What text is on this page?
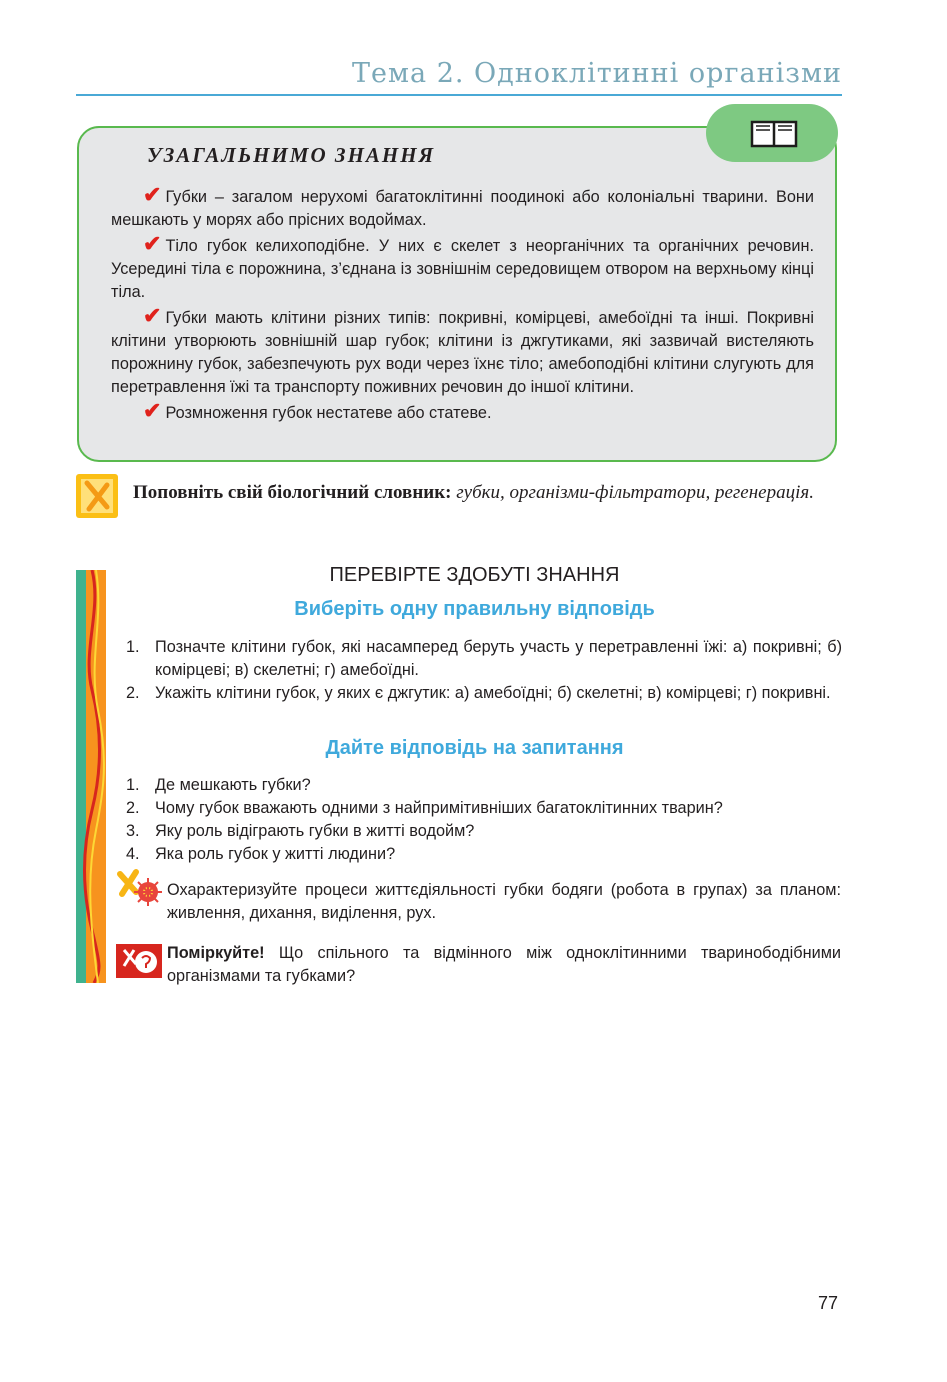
Тема 2. Одноклітинні організми
УЗАГАЛЬНИМО ЗНАННЯ

✔ Губки – загалом нерухомі багатоклітинні поодинокі або колоніальні тварини. Вони мешкають у морях або прісних водоймах.

✔ Тіло губок келихоподібне. У них є скелет з неорганічних та органічних речовин. Усередині тіла є порожнина, з’єднана із зовнішнім середовищем отвором на верхньому кінці тіла.

✔ Губки мають клітини різних типів: покривні, комірцеві, амебоїдні та інші. Покривні клітини утворюють зовнішній шар губок; клітини із джгутиками, які зазвичай вистеляють порожнину губок, забезпечують рух води через їхнє тіло; амебоподібні клітини слугують для перетравлення їжі та транспорту поживних речовин до іншої клітини.

✔ Розмноження губок нестатеве або статеве.

Поповніть свій біологічний словник: губки, організми-фільтратори, регенерація.
ПЕРЕВІРТЕ ЗДОБУТІ ЗНАННЯ
Виберіть одну правильну відповідь
1. Позначте клітини губок, які насамперед беруть участь у перетравленні їжі: а) покривні; б) комірцеві; в) скелетні; г) амебоїдні.
2. Укажіть клітини губок, у яких є джгутик: а) амебоїдні; б) скелетні; в) комірцеві; г) покривні.
Дайте відповідь на запитання
1. Де мешкають губки?
2. Чому губок вважають одними з найпримітивніших багатоклітинних тварин?
3. Яку роль відіграють губки в житті водойм?
4. Яка роль губок у житті людини?
Охарактеризуйте процеси життєдіяльності губки бодяги (робота в групах) за планом: живлення, дихання, виділення, рух.
Поміркуйте! Що спільного та відмінного між одноклітинними тваринободібними організмами та губками?
77
